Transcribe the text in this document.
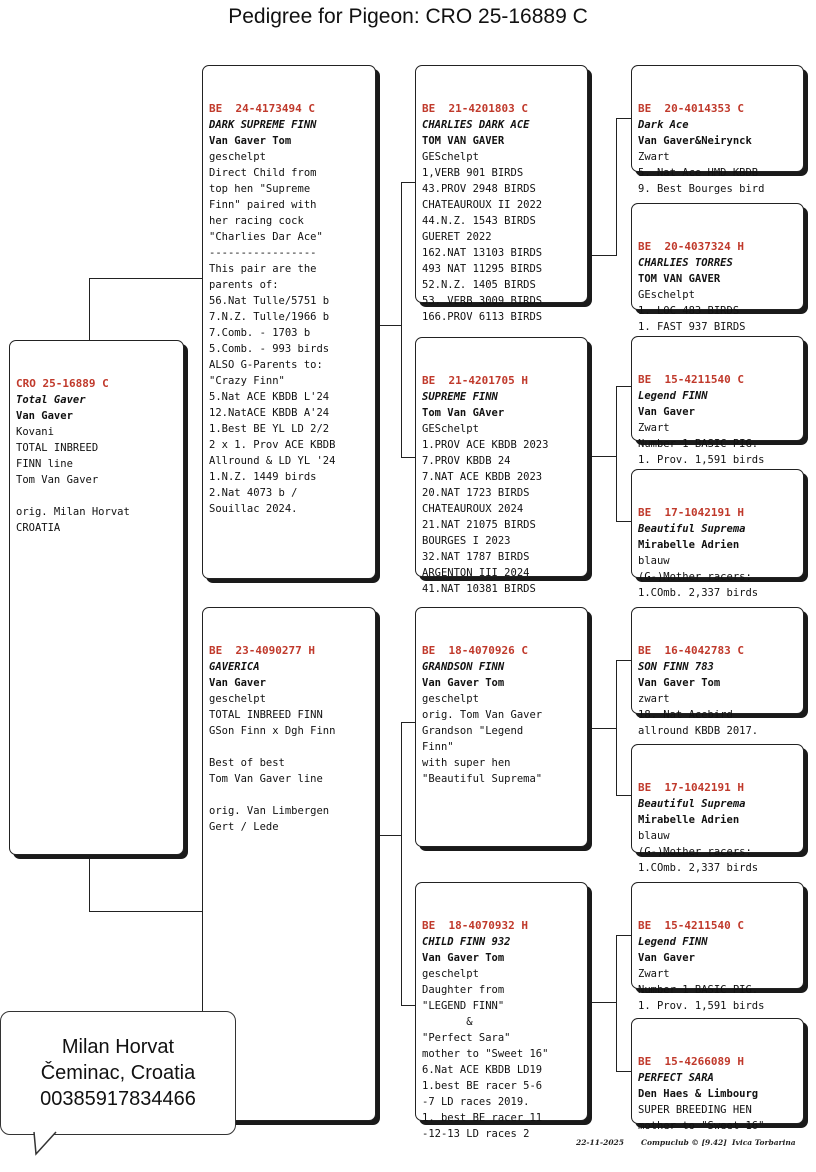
Pedigree for Pigeon: CRO 25-16889 C

CRO 25-16889 C
Total Gaver
Van Gaver
Kovani
TOTAL INBREED
FINN line
Tom Van Gaver

orig. Milan Horvat
CROATIA

BE  24-4173494 C
DARK SUPREME FINN
Van Gaver Tom
geschelpt
Direct Child from
top hen "Supreme
Finn" paired with
her racing cock
"Charlies Dar Ace"
-----------------
This pair are the
parents of:
56.Nat Tulle/5751 b
7.N.Z. Tulle/1966 b
7.Comb. - 1703 b
5.Comb. - 993 birds
ALSO G-Parents to:
"Crazy Finn"
5.Nat ACE KBDB L'24
12.NatACE KBDB A'24
1.Best BE YL LD 2/2
2 x 1. Prov ACE KBDB
Allround & LD YL '24
1.N.Z. 1449 birds
2.Nat 4073 b /
Souillac 2024.

BE  23-4090277 H
GAVERICA
Van Gaver
geschelpt
TOTAL INBREED FINN
GSon Finn x Dgh Finn

Best of best
Tom Van Gaver line

orig. Van Limbergen
Gert / Lede

BE  21-4201803 C
CHARLIES DARK ACE
TOM VAN GAVER
GESchelpt
1,VERB 901 BIRDS
43.PROV 2948 BIRDS
CHATEAUROUX II 2022
44.N.Z. 1543 BIRDS
GUERET 2022
162.NAT 13103 BIRDS
493 NAT 11295 BIRDS
52.N.Z. 1405 BIRDS
53. VERB 3009 BIRDS
166.PROV 6113 BIRDS

BE  21-4201705 H
SUPREME FINN
Tom Van GAver
GESchelpt
1.PROV ACE KBDB 2023
7.PROV KBDB 24
7.NAT ACE KBDB 2023
20.NAT 1723 BIRDS
CHATEAUROUX 2024
21.NAT 21075 BIRDS
BOURGES I 2023
32.NAT 1787 BIRDS
ARGENTON III 2024
41.NAT 10381 BIRDS

BE  18-4070926 C
GRANDSON FINN
Van Gaver Tom
geschelpt
orig. Tom Van Gaver
Grandson "Legend
Finn"
with super hen
"Beautiful Suprema"

BE  18-4070932 H
CHILD FINN 932
Van Gaver Tom
geschelpt
Daughter from
"LEGEND FINN"
&
"Perfect Sara"
mother to "Sweet 16"
6.Nat ACE KBDB LD19
1.best BE racer 5-6
-7 LD races 2019.
1. best BE racer 11
-12-13 LD races 2

BE  20-4014353 C
Dark Ace
Van Gaver&Neirynck
Zwart
5. Nat Ace HMD KBDB
9. Best Bourges bird

BE  20-4037324 H
CHARLIES TORRES
TOM VAN GAVER
GEschelpt
1. LOC 483 BIRDS
1. FAST 937 BIRDS

BE  15-4211540 C
Legend FINN
Van Gaver
Zwart
Number 1 BASIC PIG.
1. Prov. 1,591 birds

BE  17-1042191 H
Beautiful Suprema
Mirabelle Adrien
blauw
(G-)Mother racers:
1.COmb. 2,337 birds

BE  16-4042783 C
SON FINN 783
Van Gaver Tom
zwart
18. Nat Acebird
allround KBDB 2017.

BE  17-1042191 H
Beautiful Suprema
Mirabelle Adrien
blauw
(G-)Mother racers:
1.COmb. 2,337 birds

BE  15-4211540 C
Legend FINN
Van Gaver
Zwart
Number 1 BASIC PIG.
1. Prov. 1,591 birds

BE  15-4266089 H
PERFECT SARA
Den Haes & Limbourg
SUPER BREEDING HEN
mother to "Sweet 16"

Milan Horvat
Čeminac, Croatia
00385917834466
22-11-2025 Compuclub © [9.42]  Ivica Torbarina
